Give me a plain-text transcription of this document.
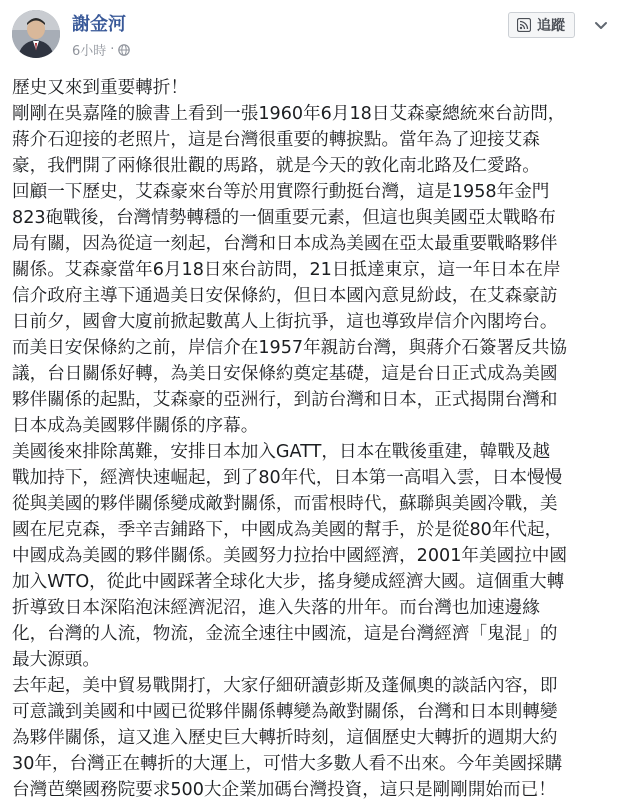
謝金河
6小時 ·
追蹤
歷史又來到重要轉折！
剛剛在吳嘉隆的臉書上看到一張1960年6月18日艾森豪總統來台訪問，
蔣介石迎接的老照片，這是台灣很重要的轉捩點。當年為了迎接艾森
豪，我們開了兩條很壯觀的馬路，就是今天的敦化南北路及仁愛路。
回顧一下歷史，艾森豪來台等於用實際行動挺台灣，這是1958年金門
823砲戰後，台灣情勢轉穩的一個重要元素，但這也與美國亞太戰略布
局有關，因為從這一刻起，台灣和日本成為美國在亞太最重要戰略夥伴
關係。艾森豪當年6月18日來台訪問，21日抵達東京，這一年日本在岸
信介政府主導下通過美日安保條約，但日本國內意見紛歧，在艾森豪訪
日前夕，國會大廈前掀起數萬人上街抗爭，這也導致岸信介內閣垮台。
而美日安保條約之前，岸信介在1957年親訪台灣，與蔣介石簽署反共協
議，台日關係好轉，為美日安保條約奠定基礎，這是台日正式成為美國
夥伴關係的起點，艾森豪的亞洲行，到訪台灣和日本，正式揭開台灣和
日本成為美國夥伴關係的序幕。
美國後來排除萬難，安排日本加入GATT，日本在戰後重建，韓戰及越
戰加持下，經濟快速崛起，到了80年代，日本第一高唱入雲，日本慢慢
從與美國的夥伴關係變成敵對關係，而雷根時代，蘇聯與美國冷戰，美
國在尼克森，季辛吉鋪路下，中國成為美國的幫手，於是從80年代起，
中國成為美國的夥伴關係。美國努力拉抬中國經濟，2001年美國拉中國
加入WTO，從此中國踩著全球化大步，搖身變成經濟大國。這個重大轉
折導致日本深陷泡沫經濟泥沼，進入失落的卅年。而台灣也加速邊緣
化，台灣的人流，物流，金流全速往中國流，這是台灣經濟「鬼混」的
最大源頭。
去年起，美中貿易戰開打，大家仔細研讀彭斯及蓬佩奧的談話內容，即
可意識到美國和中國已從夥伴關係轉變為敵對關係，台灣和日本則轉變
為夥伴關係，這又進入歷史巨大轉折時刻，這個歷史大轉折的週期大約
30年，台灣正在轉折的大運上，可惜大多數人看不出來。今年美國採購
台灣芭樂國務院要求500大企業加碼台灣投資，這只是剛剛開始而已！
